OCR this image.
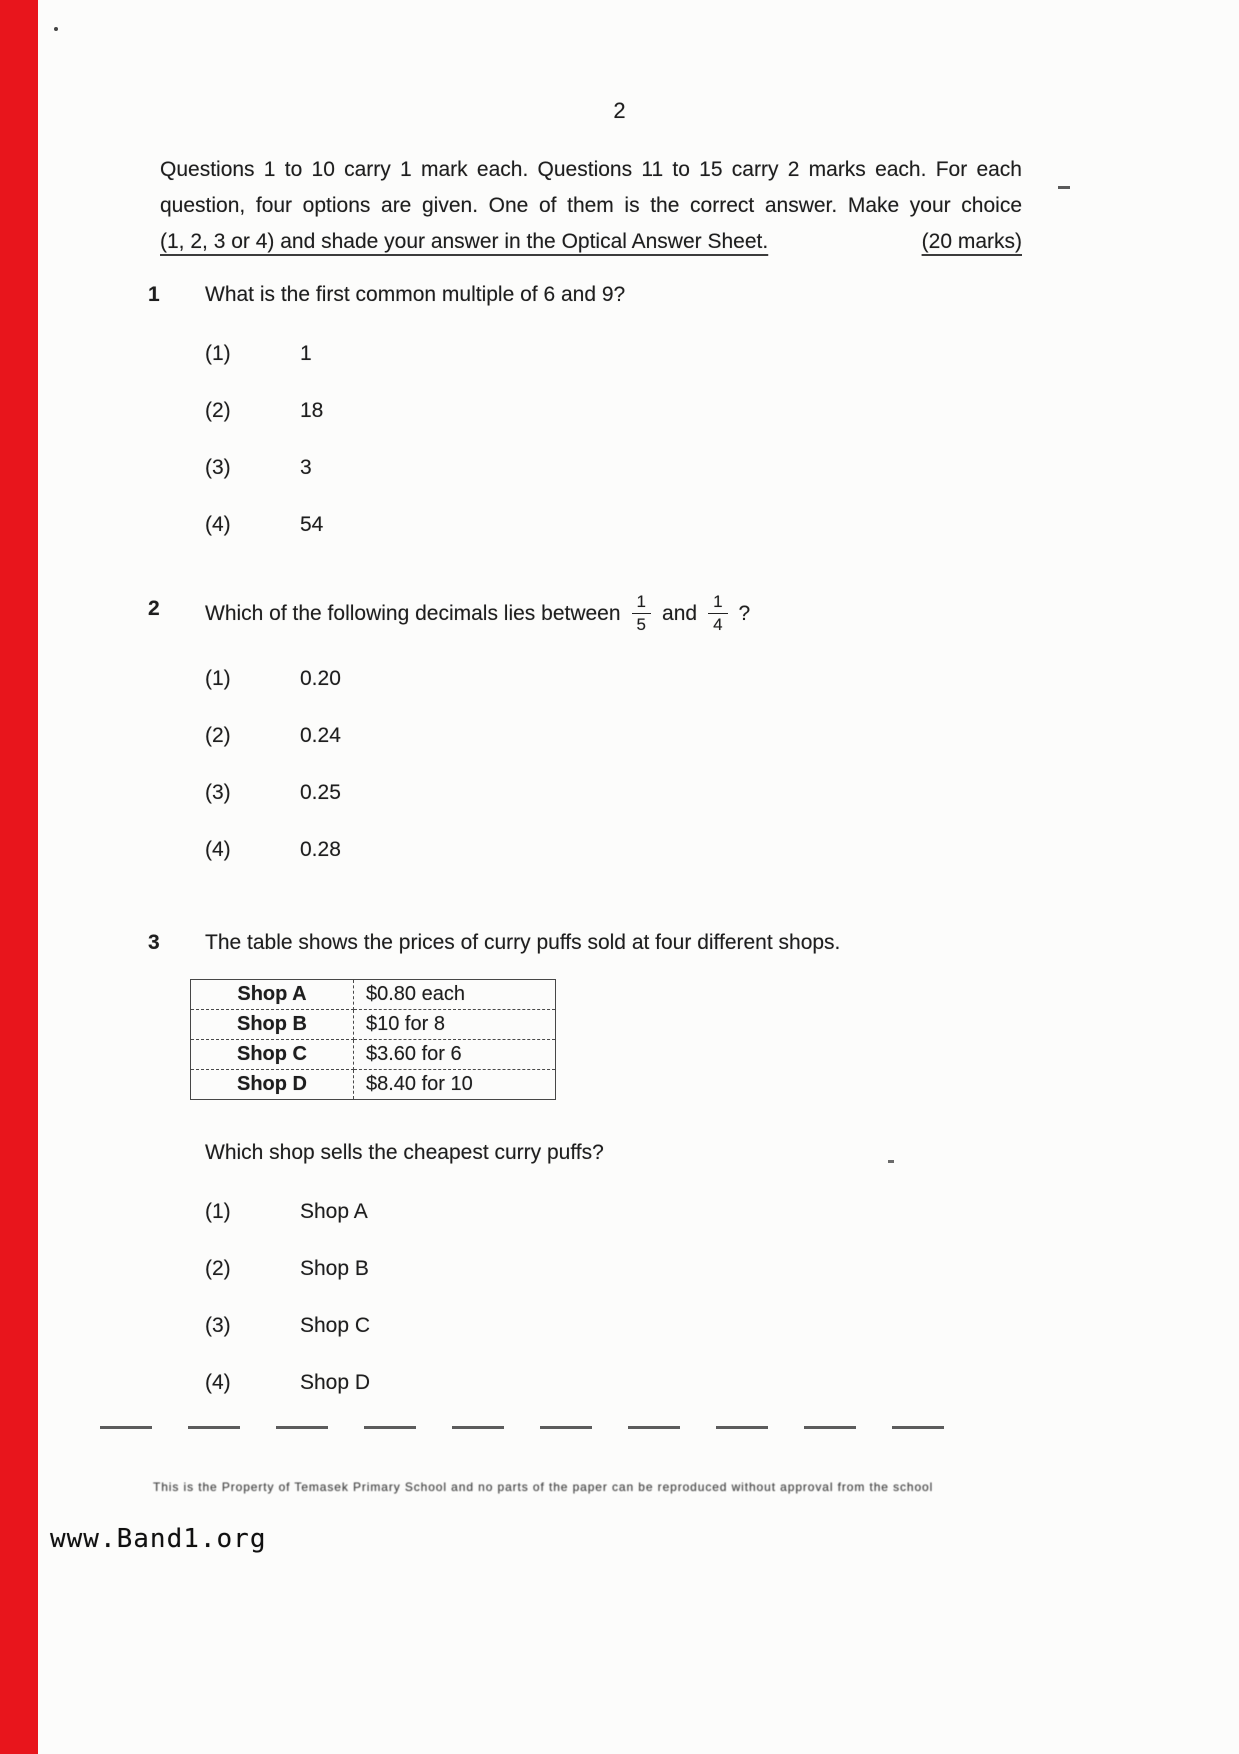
2
Questions 1 to 10 carry 1 mark each. Questions 11 to 15 carry 2 marks each. For each
question, four options are given. One of them is the correct answer. Make your choice
(1, 2, 3 or 4) and shade your answer in the Optical Answer Sheet.	(20 marks)
1	What is the first common multiple of 6 and 9?
(1)	1
(2)	18
(3)	3
(4)	54
2	Which of the following decimals lies between $\frac{1}{5}$ and $\frac{1}{4}$ ?
(1)	0.20
(2)	0.24
(3)	0.25
(4)	0.28
3	The table shows the prices of curry puffs sold at four different shops.
Shop A	$0.80 each
Shop B	$10 for 8
Shop C	$3.60 for 6
Shop D	$8.40 for 10
Which shop sells the cheapest curry puffs?
(1)	Shop A
(2)	Shop B
(3)	Shop C
(4)	Shop D
This is the Property of Temasek Primary School and no parts of the paper can be reproduced without approval from the school
www.Band1.org
